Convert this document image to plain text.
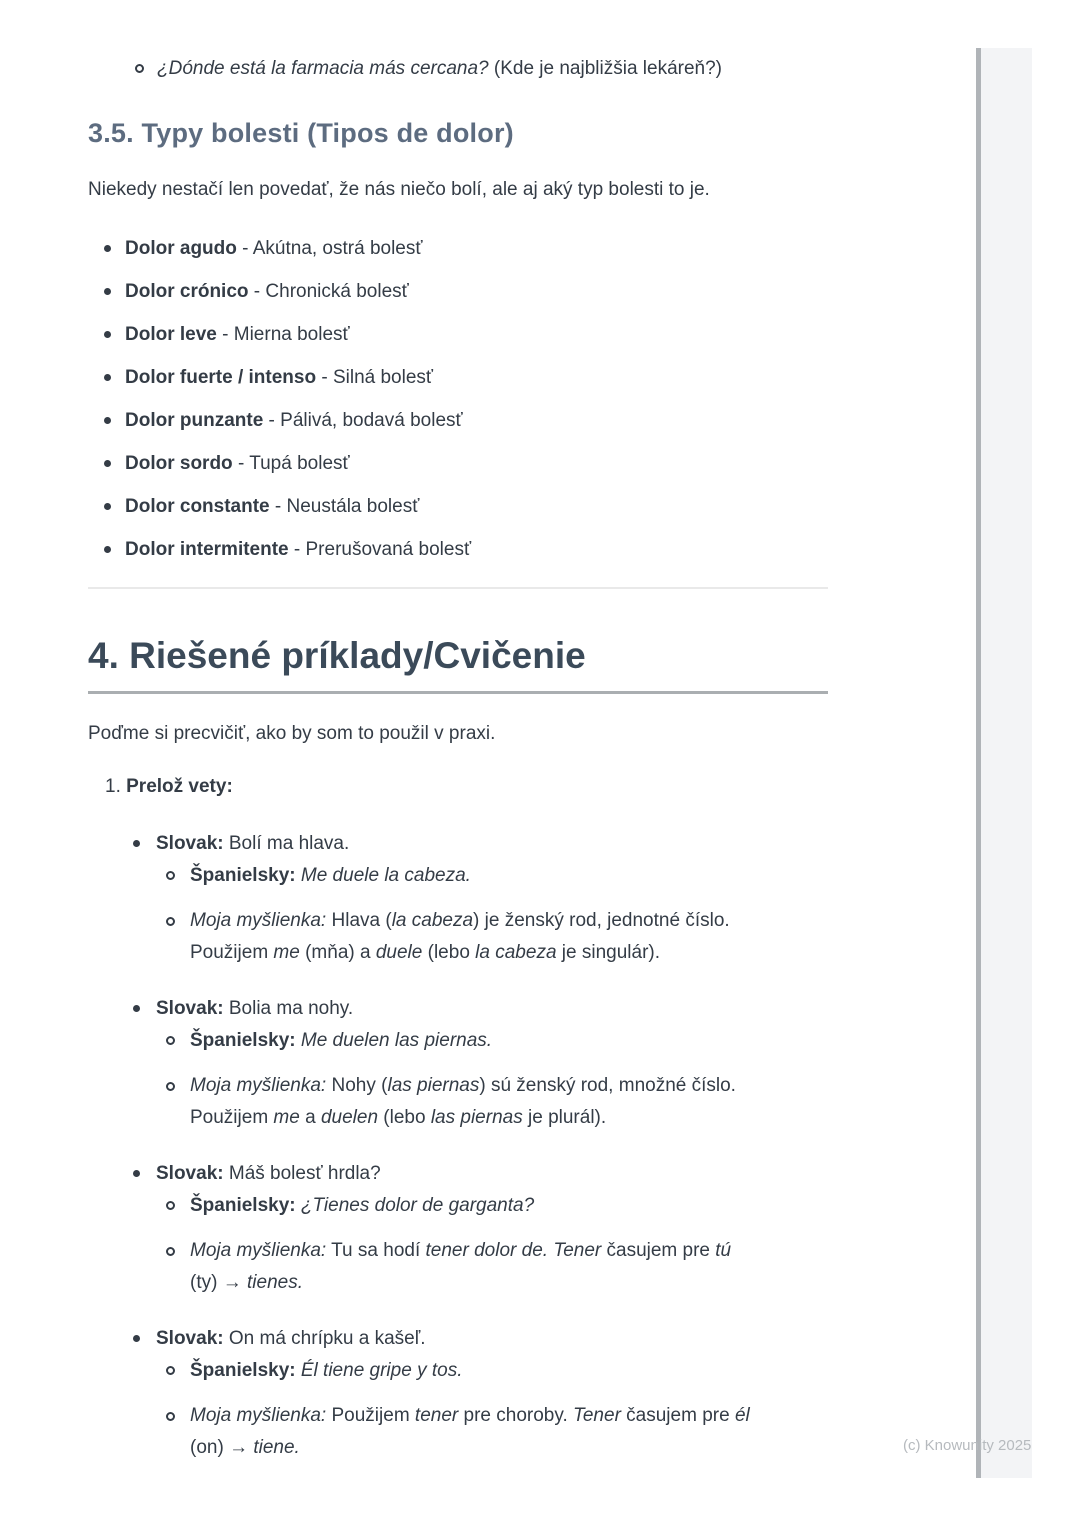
¿Dónde está la farmacia más cercana? (Kde je najbližšia lekáreň?)
3.5. Typy bolesti (Tipos de dolor)

Niekedy nestačí len povedať, že nás niečo bolí, ale aj aký typ bolesti to je.

Dolor agudo - Akútna, ostrá bolesť
Dolor crónico - Chronická bolesť
Dolor leve - Mierna bolesť
Dolor fuerte / intenso - Silná bolesť
Dolor punzante - Pálivá, bodavá bolesť
Dolor sordo - Tupá bolesť
Dolor constante - Neustála bolesť
Dolor intermitente - Prerušovaná bolesť
4. Riešené príklady/Cvičenie

Poďme si precvičiť, ako by som to použil v praxi.

1. Prelož vety:
Slovak: Bolí ma hlava.
Španielsky: Me duele la cabeza.
Moja myšlienka: Hlava (la cabeza) je ženský rod, jednotné číslo.
Použijem me (mňa) a duele (lebo la cabeza je singulár).
Slovak: Bolia ma nohy.
Španielsky: Me duelen las piernas.
Moja myšlienka: Nohy (las piernas) sú ženský rod, množné číslo.
Použijem me a duelen (lebo las piernas je plurál).
Slovak: Máš bolesť hrdla?
Španielsky: ¿Tienes dolor de garganta?
Moja myšlienka: Tu sa hodí tener dolor de. Tener časujem pre tú
(ty) → tienes.
Slovak: On má chrípku a kašeľ.
Španielsky: Él tiene gripe y tos.
Moja myšlienka: Použijem tener pre choroby. Tener časujem pre él
(on) → tiene.	(c) Knowunity 2025
